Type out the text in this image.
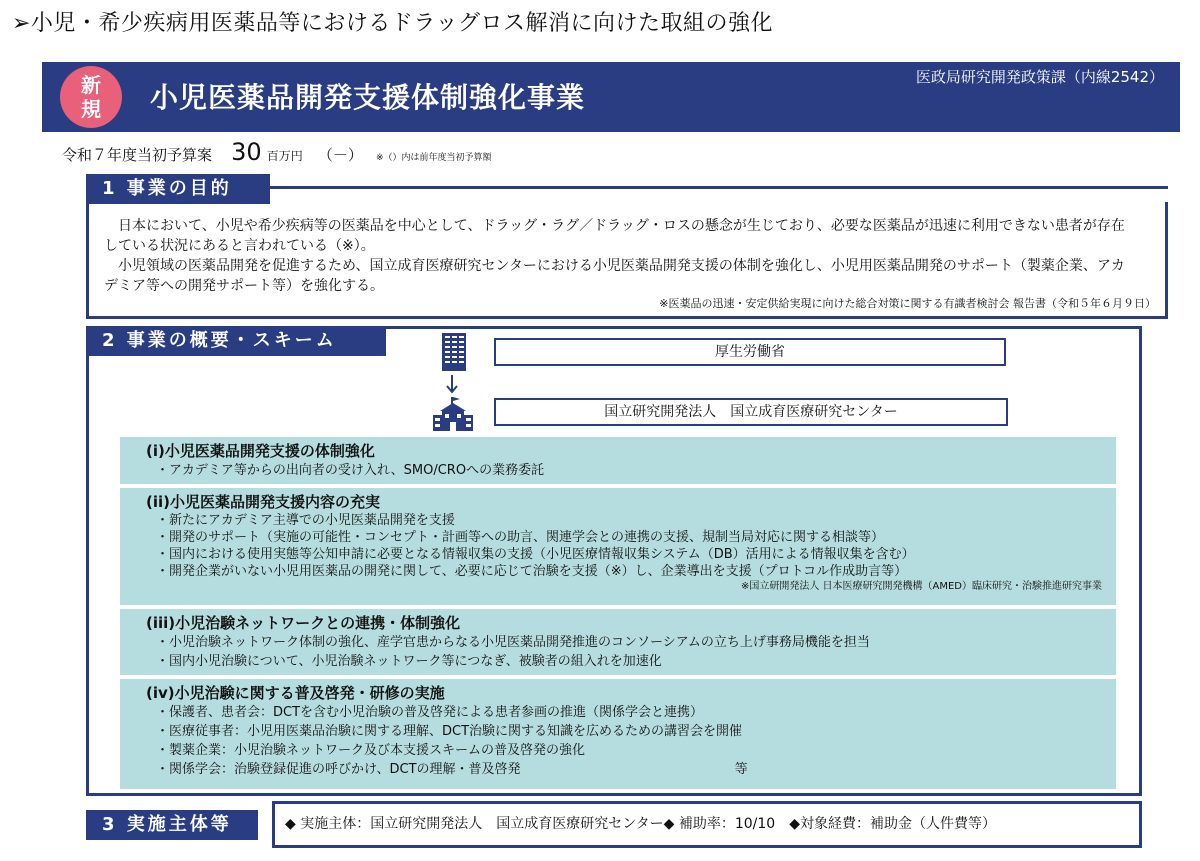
➢小児・希少疾病用医薬品等におけるドラッグロス解消に向けた取組の強化
新
規 小児医薬品開発支援体制強化事業
医政局研究開発政策課（内線2542）
令和７年度当初予算案 30 百万円 （－） ※（）内は前年度当初予算額
1 事業の目的

　日本において、小児や希少疾病等の医薬品を中心として、ドラッグ・ラグ／ドラッグ・ロスの懸念が生じており、必要な医薬品が迅速に利用できない患者が存在している状況にあると言われている（※）。

　小児領域の医薬品開発を促進するため、国立成育医療研究センターにおける小児医薬品開発支援の体制を強化し、小児用医薬品開発のサポート（製薬企業、アカデミア等への開発サポート等）を強化する。

※医薬品の迅速・安定供給実現に向けた総合対策に関する有識者検討会 報告書（令和５年６月９日）
2 事業の概要・スキーム
厚生労働省
国立研究開発法人　国立成育医療研究センター
(i)小児医薬品開発支援の体制強化
・アカデミア等からの出向者の受け入れ、SMO/CROへの業務委託
(ii)小児医薬品開発支援内容の充実
・新たにアカデミア主導での小児医薬品開発を支援
・開発のサポート（実施の可能性・コンセプト・計画等への助言、関連学会との連携の支援、規制当局対応に関する相談等）
・国内における使用実態等公知申請に必要となる情報収集の支援（小児医療情報収集システム（DB）活用による情報収集を含む）
・開発企業がいない小児用医薬品の開発に関して、必要に応じて治験を支援（※）し、企業導出を支援（プロトコル作成助言等）
※国立研開発法人 日本医療研究開発機構（AMED）臨床研究・治験推進研究事業
(iii)小児治験ネットワークとの連携・体制強化
・小児治験ネットワーク体制の強化、産学官患からなる小児医薬品開発推進のコンソーシアムの立ち上げ事務局機能を担当
・国内小児治験について、小児治験ネットワーク等につなぎ、被験者の組入れを加速化
(iv)小児治験に関する普及啓発・研修の実施
・保護者、患者会：DCTを含む小児治験の普及啓発による患者参画の推進（関係学会と連携）
・医療従事者：小児用医薬品治験に関する理解、DCT治験に関する知識を広めるための講習会を開催
・製薬企業：小児治験ネットワーク及び本支援スキームの普及啓発の強化
・関係学会：治験登録促進の呼びかけ、DCTの理解・普及啓発	等
3 実施主体等	◆ 実施主体：国立研究開発法人　国立成育医療研究センター◆ 補助率：10/10　◆対象経費：補助金（人件費等）
